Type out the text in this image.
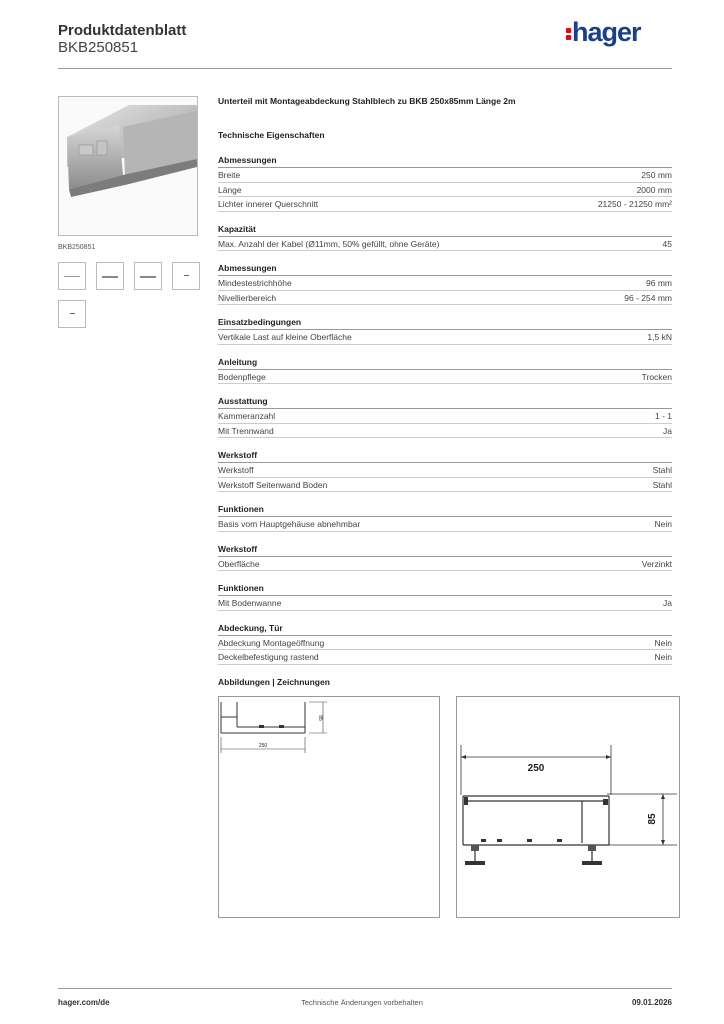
Produktdatenblatt
BKB250851
hager
BKB250851
Unterteil mit Montageabdeckung Stahlblech zu BKB 250x85mm Länge 2m
Technische Eigenschaften
Abmessungen
Breite	250 mm
Länge	2000 mm
Lichter innerer Querschnitt	21250 - 21250 mm²
Kapazität
Max. Anzahl der Kabel (Ø11mm, 50% gefüllt, ohne Geräte)	45
Abmessungen
Mindestestrichhöhe	96 mm
Nivellierbereich	96 - 254 mm
Einsatzbedingungen
Vertikale Last auf kleine Oberfläche	1,5 kN
Anleitung
Bodenpflege	Trocken
Ausstattung
Kammeranzahl	1 - 1
Mit Trennwand	Ja
Werkstoff
Werkstoff	Stahl
Werkstoff Seitenwand Boden	Stahl
Funktionen
Basis vom Hauptgehäuse abnehmbar	Nein
Werkstoff
Oberfläche	Verzinkt
Funktionen
Mit Bodenwanne	Ja
Abdeckung, Tür
Abdeckung Montageöffnung	Nein
Deckelbefestigung rastend	Nein
Abbildungen | Zeichnungen
250
85
250
85
hager.com/de	Technische Änderungen vorbehalten	09.01.2026
